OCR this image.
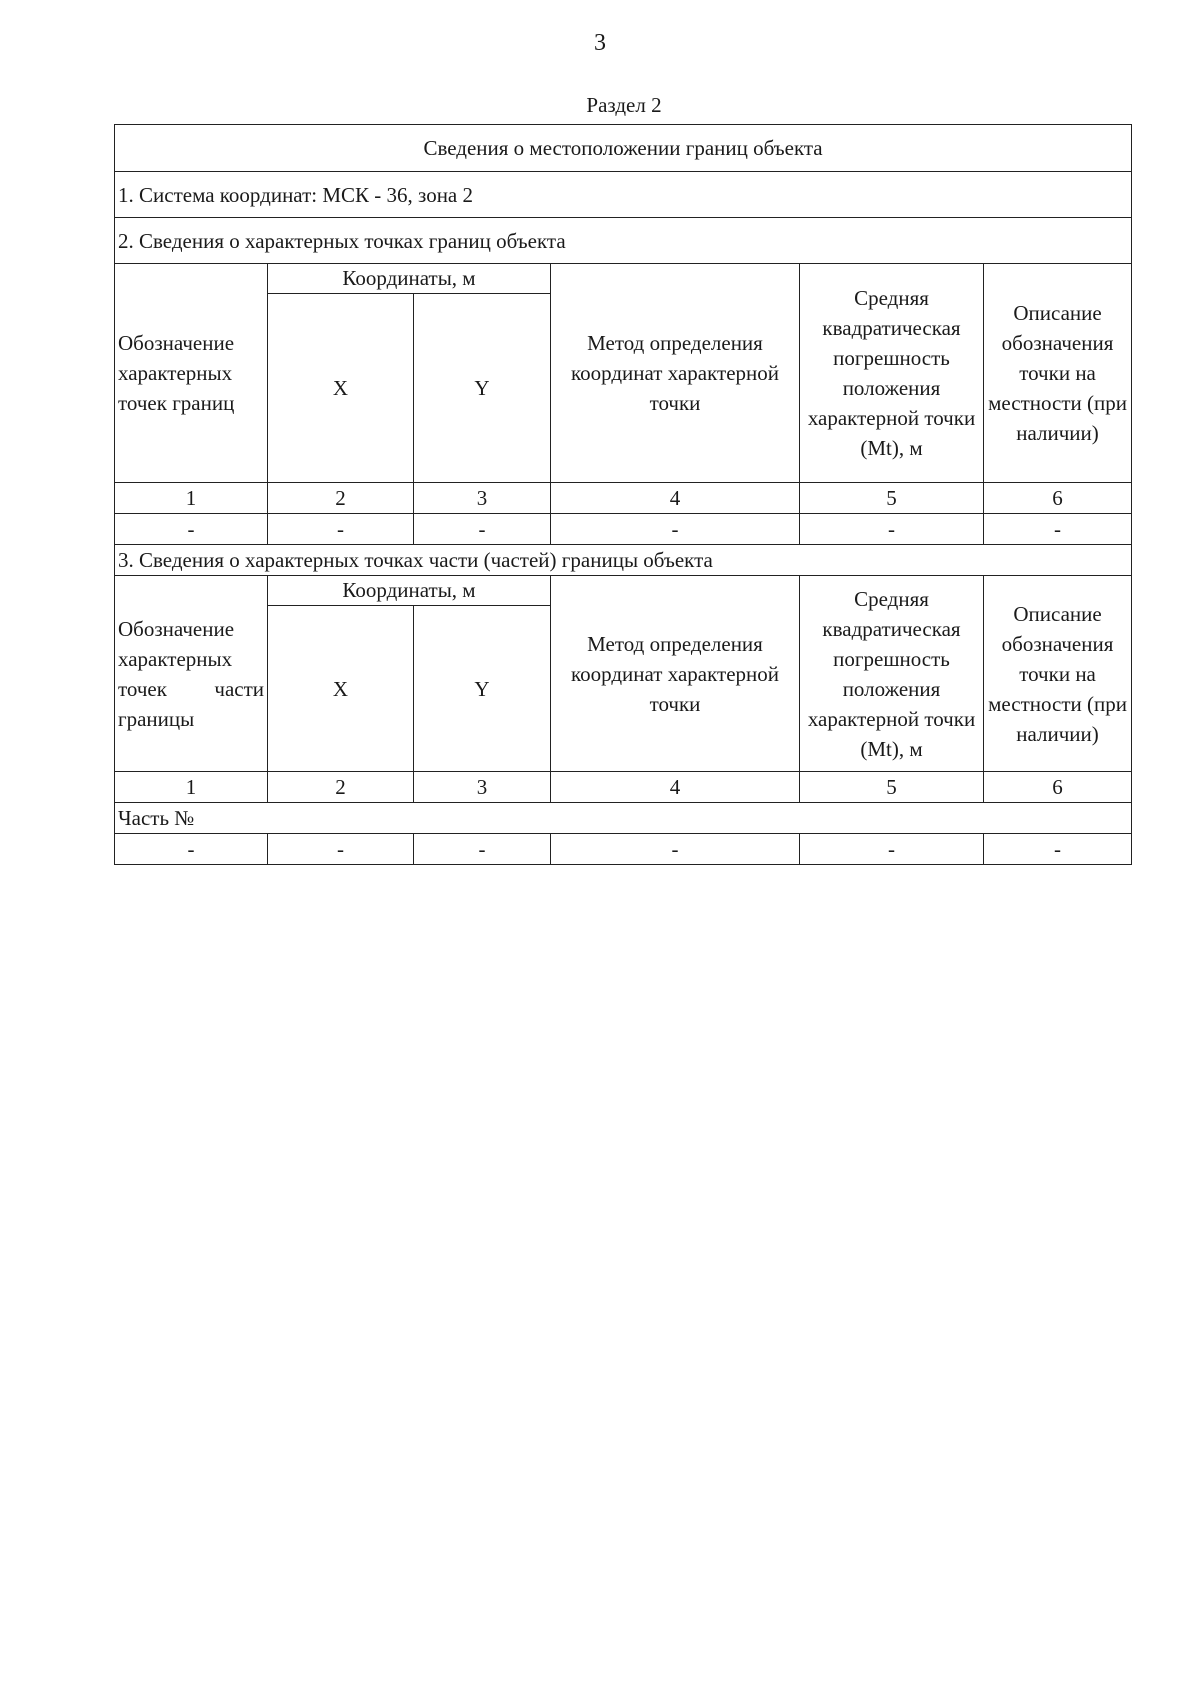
3
Раздел 2
Сведения о местоположении границ объекта					
1. Система координат: МСК - 36, зона 2					
2. Сведения о характерных точках границ объекта					
Обозначение характерных точек границ	Координаты, м		Метод определения координат характерной точки	Средняя квадратическая погрешность положения характерной точки (Mt), м	Описание обозначения точки на местности (при наличии)
	X	Y			
1	2	3	4	5	6
-	-	-	-	-	-
3. Сведения о характерных точках части (частей) границы объекта					
Обозначение характерных точек части границы	Координаты, м		Метод определения координат характерной точки	Средняя квадратическая погрешность положения характерной точки (Mt), м	Описание обозначения точки на местности (при наличии)
	X	Y			
1	2	3	4	5	6
Часть №					
-	-	-	-	-	-
